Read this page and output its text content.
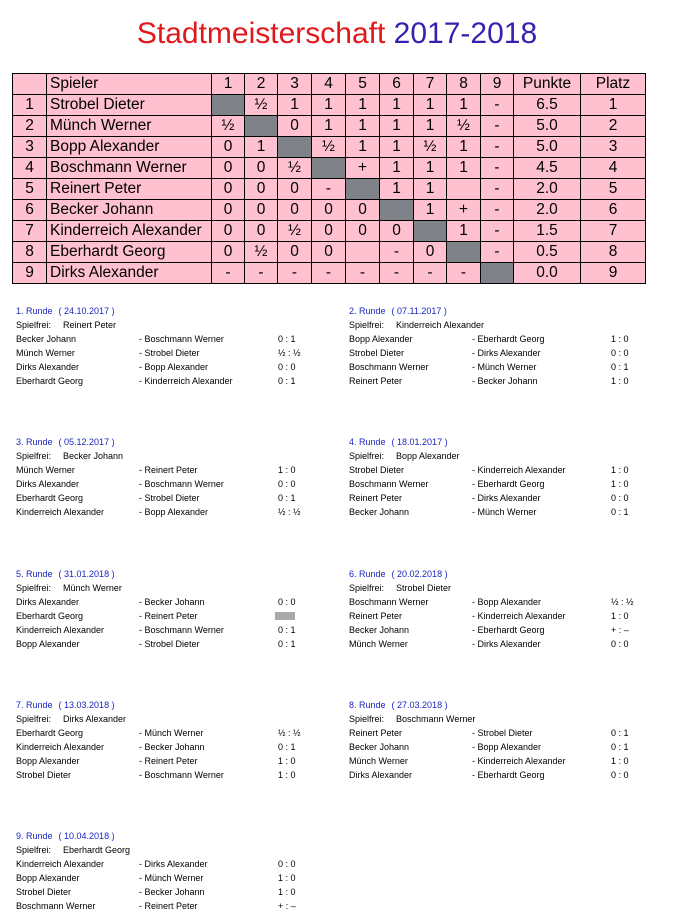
Stadtmeisterschaft 2017-2018
	Spieler	1	2	3	4	5	6	7	8	9	Punkte	Platz
1	Strobel Dieter		½	1	1	1	1	1	1	-	6.5	1
2	Münch Werner	½		0	1	1	1	1	½	-	5.0	2
3	Bopp Alexander	0	1		½	1	1	½	1	-	5.0	3
4	Boschmann Werner	0	0	½		+	1	1	1	-	4.5	4
5	Reinert Peter	0	0	0	-		1	1		-	2.0	5
6	Becker Johann	0	0	0	0	0		1	+	-	2.0	6
7	Kinderreich Alexander	0	0	½	0	0	0		1	-	1.5	7
8	Eberhardt Georg	0	½	0	0		-	0		-	0.5	8
9	Dirks Alexander	-	-	-	-	-	-	-	-		0.0	9
1. Runde ( 24.10.2017 )
Spielfrei: Reinert Peter
Becker Johann	- Boschmann Werner	0 : 1
Münch Werner	- Strobel Dieter	½ : ½
Dirks Alexander	- Bopp Alexander	0 : 0
Eberhardt Georg	- Kinderreich Alexander	0 : 1
2. Runde ( 07.11.2017 )
Spielfrei: Kinderreich Alexander
Bopp Alexander	- Eberhardt Georg	1 : 0
Strobel Dieter	- Dirks Alexander	0 : 0
Boschmann Werner	- Münch Werner	0 : 1
Reinert Peter	- Becker Johann	1 : 0
3. Runde ( 05.12.2017 )
Spielfrei: Becker Johann
Münch Werner	- Reinert Peter	1 : 0
Dirks Alexander	- Boschmann Werner	0 : 0
Eberhardt Georg	- Strobel Dieter	0 : 1
Kinderreich Alexander	- Bopp Alexander	½ : ½
4. Runde ( 18.01.2017 )
Spielfrei: Bopp Alexander
Strobel Dieter	- Kinderreich Alexander	1 : 0
Boschmann Werner	- Eberhardt Georg	1 : 0
Reinert Peter	- Dirks Alexander	0 : 0
Becker Johann	- Münch Werner	0 : 1
5. Runde ( 31.01.2018 )
Spielfrei: Münch Werner
Dirks Alexander	- Becker Johann	0 : 0
Eberhardt Georg	- Reinert Peter
Kinderreich Alexander	- Boschmann Werner	0 : 1
Bopp Alexander	- Strobel Dieter	0 : 1
6. Runde ( 20.02.2018 )
Spielfrei: Strobel Dieter
Boschmann Werner	- Bopp Alexander	½ : ½
Reinert Peter	- Kinderreich Alexander	1 : 0
Becker Johann	- Eberhardt Georg	+ : –
Münch Werner	- Dirks Alexander	0 : 0
7. Runde ( 13.03.2018 )
Spielfrei: Dirks Alexander
Eberhardt Georg	- Münch Werner	½ : ½
Kinderreich Alexander	- Becker Johann	0 : 1
Bopp Alexander	- Reinert Peter	1 : 0
Strobel Dieter	- Boschmann Werner	1 : 0
8. Runde ( 27.03.2018 )
Spielfrei: Boschmann Werner
Reinert Peter	- Strobel Dieter	0 : 1
Becker Johann	- Bopp Alexander	0 : 1
Münch Werner	- Kinderreich Alexander	1 : 0
Dirks Alexander	- Eberhardt Georg	0 : 0
9. Runde ( 10.04.2018 )
Spielfrei: Eberhardt Georg
Kinderreich Alexander	- Dirks Alexander	0 : 0
Bopp Alexander	- Münch Werner	1 : 0
Strobel Dieter	- Becker Johann	1 : 0
Boschmann Werner	- Reinert Peter	+ : –
